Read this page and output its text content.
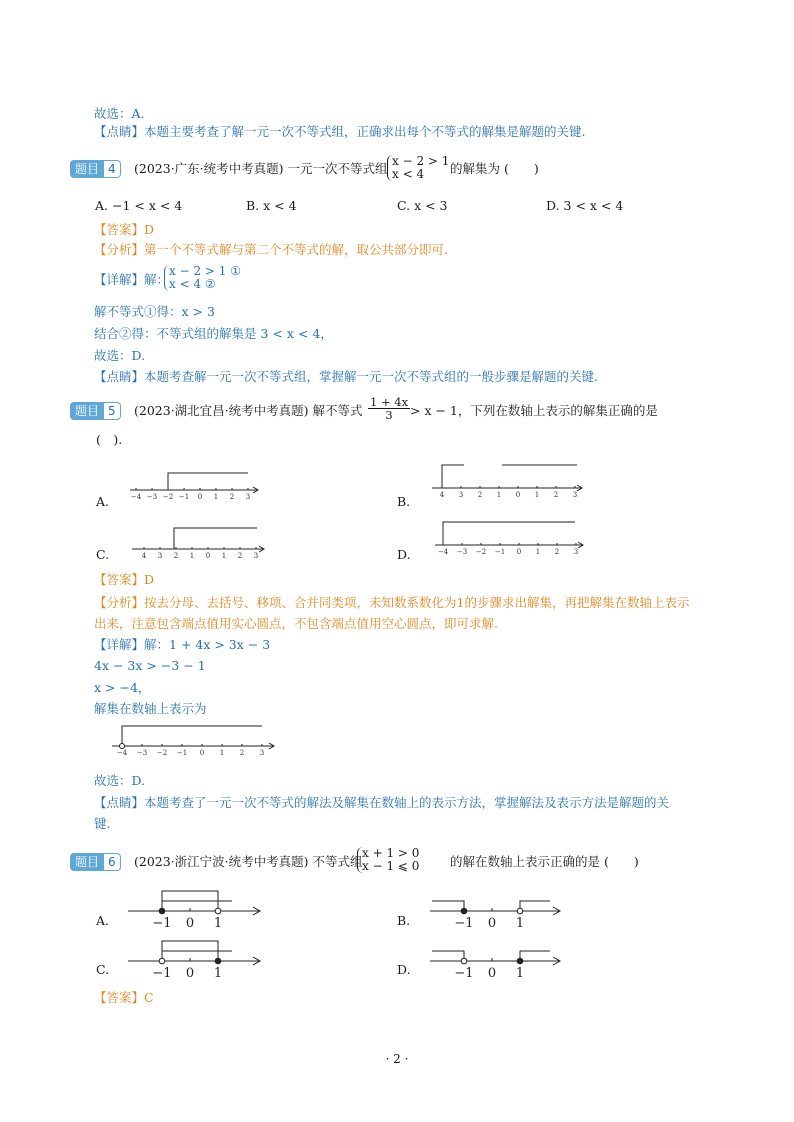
故选：A.
【点睛】本题主要考查了解一元一次不等式组，正确求出每个不等式的解集是解题的关键.
题目 4	(2023·广东·统考中考真题) 一元一次不等式组 x − 2 > 1
x < 4	的解集为 (　　)
A. −1 < x < 4	B. x < 4	C. x < 3	D. 3 < x < 4
【答案】D
【分析】第一个不等式解与第二个不等式的解，取公共部分即可.
【详解】解：
x − 2 > 1 ①
x < 4 ②
解不等式①得：x > 3
结合②得：不等式组的解集是 3 < x < 4，
故选：D.
【点睛】本题考查解一元一次不等式组，掌握解一元一次不等式组的一般步骤是解题的关键.
题目 5	(2023·湖北宜昌·统考中考真题) 解不等式 $\frac{1 + 4x}{3} > x - 1$，下列在数轴上表示的解集正确的是
(　).
A.	B.
C.	D.
−4 −3 −2 −1 0 1 2 3	4 3 2 1 0 1 2 3
4 3 2 1 0 1 2 3	−4 −3 −2 −1 0 1 2 3
【答案】D
【分析】按去分母、去括号、移项、合并同类项，未知数系数化为1的步骤求出解集，再把解集在数轴上表示
出来，注意包含端点值用实心圆点，不包含端点值用空心圆点，即可求解.
【详解】解：1 + 4x > 3x − 3
4x − 3x > −3 − 1
x > −4，
解集在数轴上表示为
−4 −3 −2 −1 0 1 2 3
故选：D.
【点睛】本题考查了一元一次不等式的解法及解集在数轴上的表示方法，掌握解法及表示方法是解题的关
键.
题目 6	(2023·浙江宁波·统考中考真题) 不等式组
x + 1 > 0
x − 1 ⩽ 0 的解在数轴上表示正确的是 (　　)
A.	B.
C.	D.
−1 0 1	−1 0 1
−1 0 1	−1 0 1
【答案】C
· 2 ·
